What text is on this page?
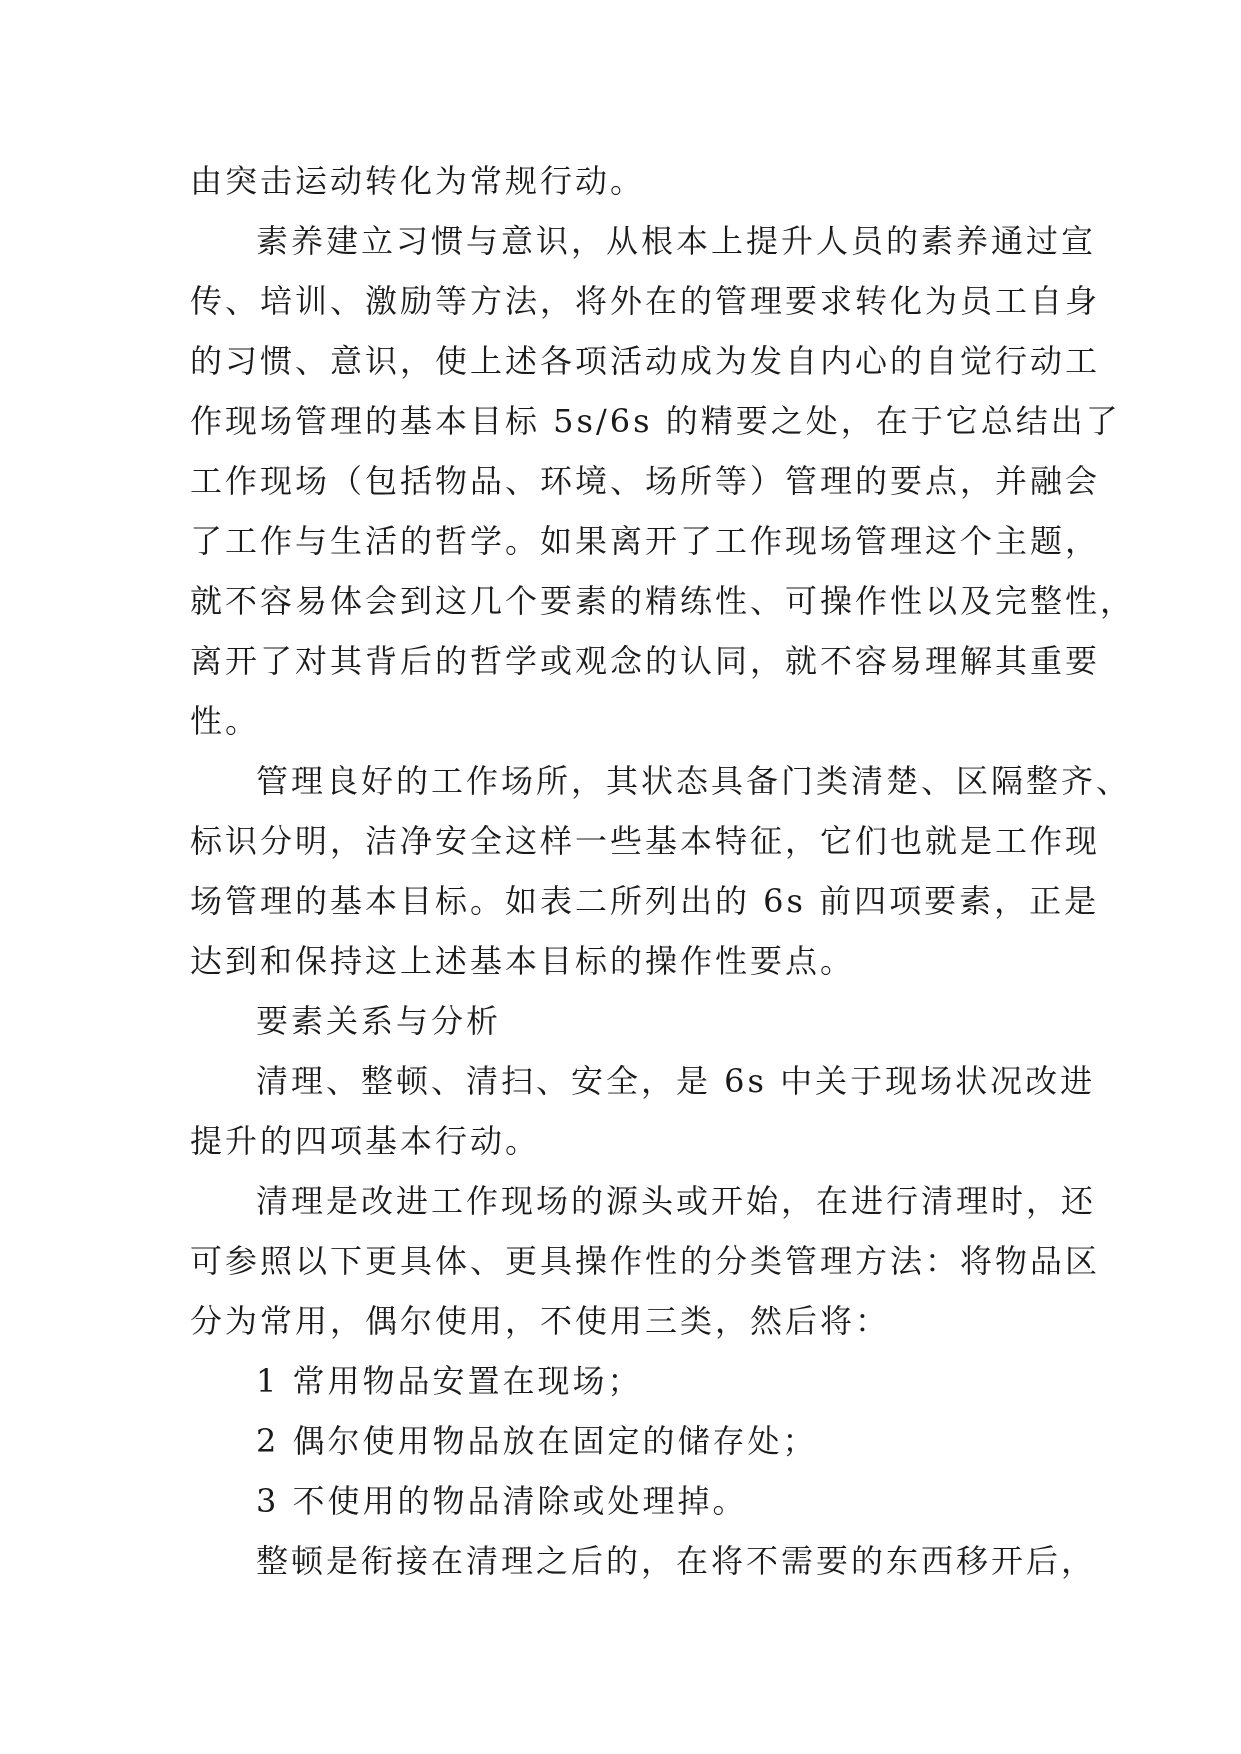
由突击运动转化为常规行动。
素养建立习惯与意识，从根本上提升人员的素养通过宣
传、培训、激励等方法，将外在的管理要求转化为员工自身
的习惯、意识，使上述各项活动成为发自内心的自觉行动工
作现场管理的基本目标 5s/6s 的精要之处，在于它总结出了
工作现场（包括物品、环境、场所等）管理的要点，并融会
了工作与生活的哲学。如果离开了工作现场管理这个主题，
就不容易体会到这几个要素的精练性、可操作性以及完整性，
离开了对其背后的哲学或观念的认同，就不容易理解其重要
性。
管理良好的工作场所，其状态具备门类清楚、区隔整齐、
标识分明，洁净安全这样一些基本特征，它们也就是工作现
场管理的基本目标。如表二所列出的 6s 前四项要素，正是
达到和保持这上述基本目标的操作性要点。
要素关系与分析
清理、整顿、清扫、安全，是 6s 中关于现场状况改进
提升的四项基本行动。
清理是改进工作现场的源头或开始，在进行清理时，还
可参照以下更具体、更具操作性的分类管理方法：将物品区
分为常用，偶尔使用，不使用三类，然后将：
1 常用物品安置在现场；
2 偶尔使用物品放在固定的储存处；
3 不使用的物品清除或处理掉。
整顿是衔接在清理之后的，在将不需要的东西移开后，
